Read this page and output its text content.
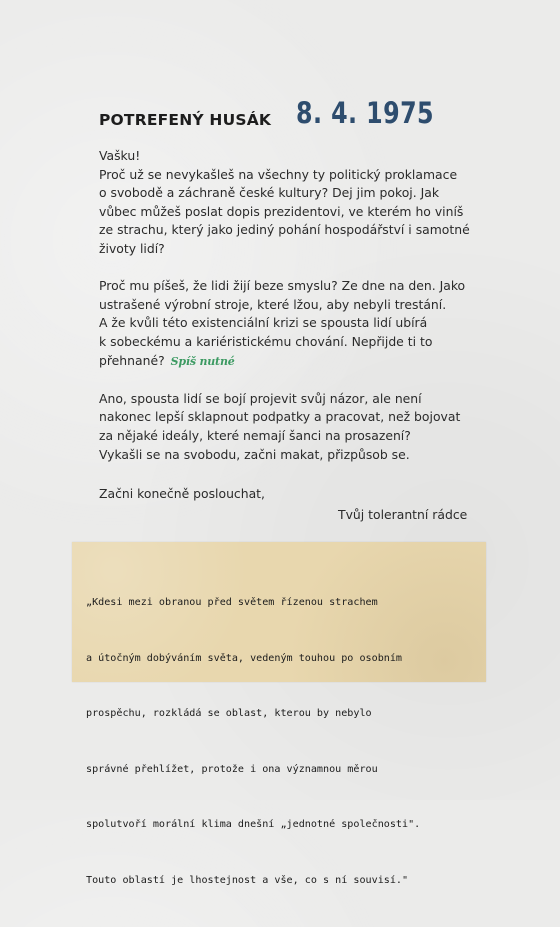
POTREFENÝ HUSÁK 8. 4. 1975

Vašku!

Proč už se nevykašleš na všechny ty politický proklamace

o svobodě a záchraně české kultury? Dej jim pokoj. Jak

vůbec můžeš poslat dopis prezidentovi, ve kterém ho viníš

ze strachu, který jako jediný pohání hospodářství i samotné

životy lidí?

Proč mu píšeš, že lidi žijí beze smyslu? Ze dne na den. Jako

ustrašené výrobní stroje, které lžou, aby nebyli trestání.

A že kvůli této existenciální krizi se spousta lidí ubírá

k sobeckému a kariéristickému chování. Nepřijde ti to

přehnané? Spíš nutné

Ano, spousta lidí se bojí projevit svůj názor, ale není

nakonec lepší sklapnout podpatky a pracovat, než bojovat

za nějaké ideály, které nemají šanci na prosazení?

Vykašli se na svobodu, začni makat, přizpůsob se.

Začni konečně poslouchat,
Tvůj tolerantní rádce

„Kdesi mezi obranou před světem řízenou strachem

a útočným dobýváním světa, vedeným touhou po osobním

prospěchu, rozkládá se oblast, kterou by nebylo

správné přehlížet, protože i ona významnou měrou

spolutvoří morální klima dnešní „jednotné společnosti".

Touto oblastí je lhostejnost a vše, co s ní souvisí."
